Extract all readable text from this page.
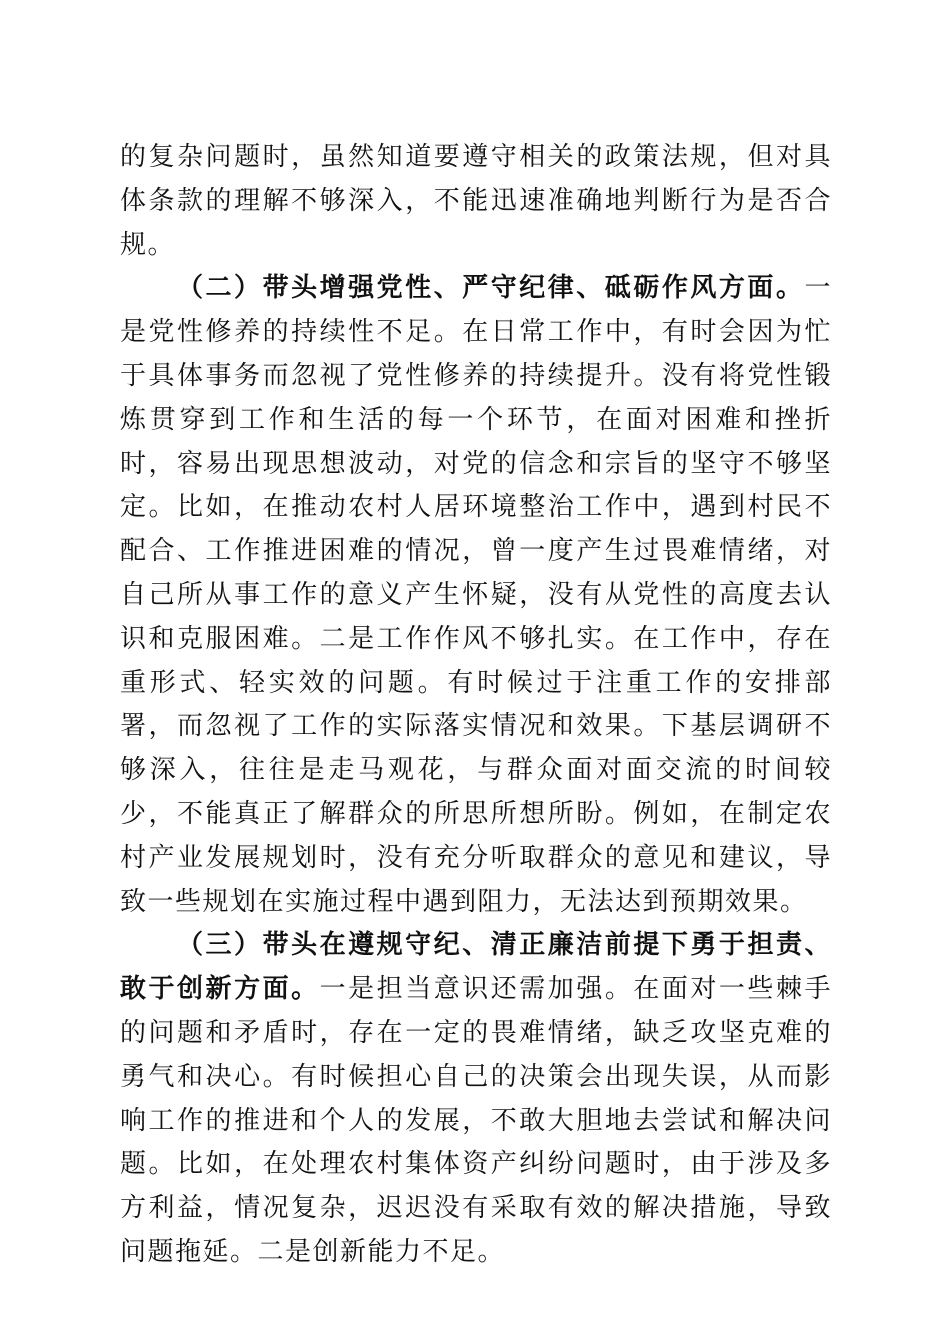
的复杂问题时，虽然知道要遵守相关的政策法规，但对具体条款的理解不够深入，不能迅速准确地判断行为是否合规。

（二）带头增强党性、严守纪律、砥砺作风方面。一是党性修养的持续性不足。在日常工作中，有时会因为忙于具体事务而忽视了党性修养的持续提升。没有将党性锻炼贯穿到工作和生活的每一个环节，在面对困难和挫折时，容易出现思想波动，对党的信念和宗旨的坚守不够坚定。比如，在推动农村人居环境整治工作中，遇到村民不配合、工作推进困难的情况，曾一度产生过畏难情绪，对自己所从事工作的意义产生怀疑，没有从党性的高度去认识和克服困难。二是工作作风不够扎实。在工作中，存在重形式、轻实效的问题。有时候过于注重工作的安排部署，而忽视了工作的实际落实情况和效果。下基层调研不够深入，往往是走马观花，与群众面对面交流的时间较少，不能真正了解群众的所思所想所盼。例如，在制定农村产业发展规划时，没有充分听取群众的意见和建议，导致一些规划在实施过程中遇到阻力，无法达到预期效果。

（三）带头在遵规守纪、清正廉洁前提下勇于担责、敢于创新方面。一是担当意识还需加强。在面对一些棘手的问题和矛盾时，存在一定的畏难情绪，缺乏攻坚克难的勇气和决心。有时候担心自己的决策会出现失误，从而影响工作的推进和个人的发展，不敢大胆地去尝试和解决问题。比如，在处理农村集体资产纠纷问题时，由于涉及多方利益，情况复杂，迟迟没有采取有效的解决措施，导致问题拖延。二是创新能力不足。
